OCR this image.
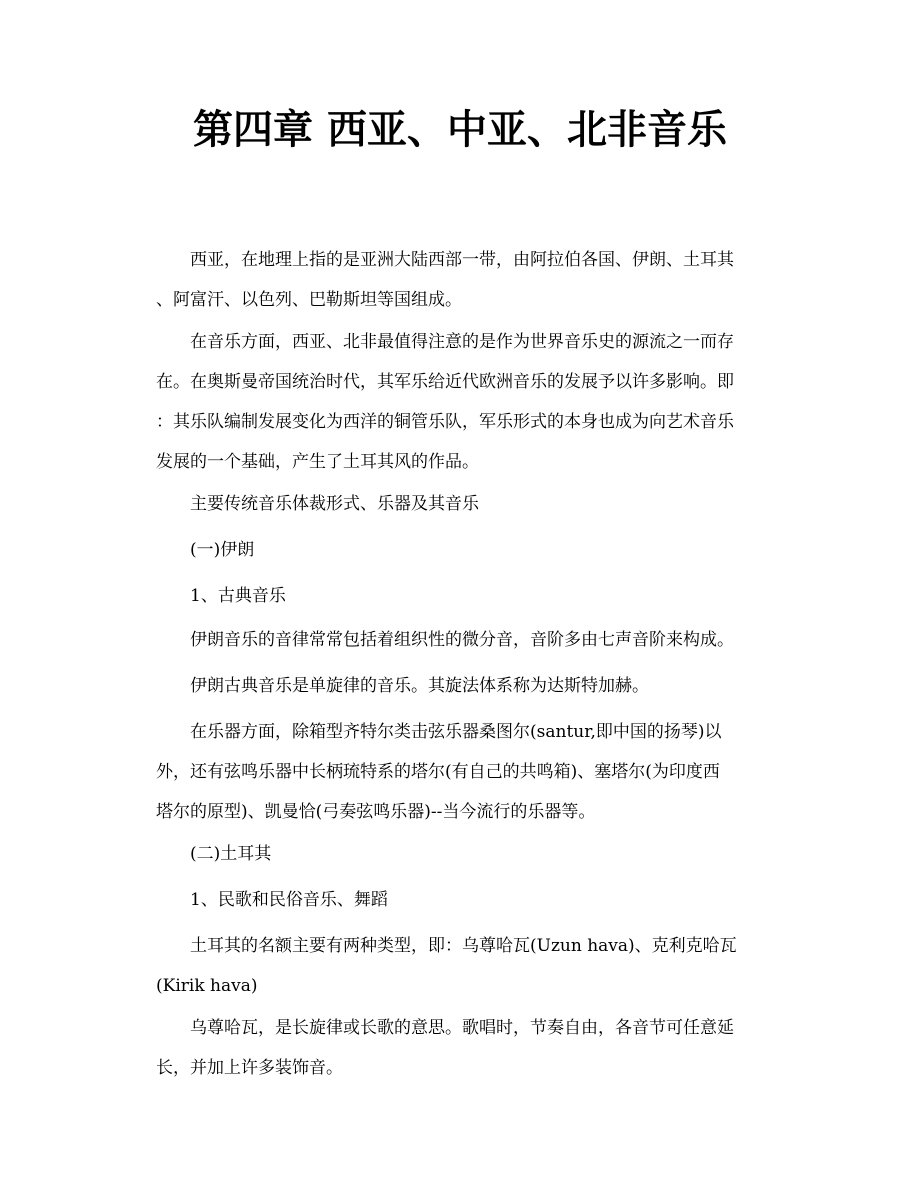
第四章 西亚、中亚、北非音乐

西亚，在地理上指的是亚洲大陆西部一带，由阿拉伯各国、伊朗、土耳其
、阿富汗、以色列、巴勒斯坦等国组成。

在音乐方面，西亚、北非最值得注意的是作为世界音乐史的源流之一而存
在。在奥斯曼帝国统治时代，其军乐给近代欧洲音乐的发展予以许多影响。即
：其乐队编制发展变化为西洋的铜管乐队，军乐形式的本身也成为向艺术音乐
发展的一个基础，产生了土耳其风的作品。

主要传统音乐体裁形式、乐器及其音乐

(一)伊朗

1、古典音乐

伊朗音乐的音律常常包括着组织性的微分音，音阶多由七声音阶来构成。

伊朗古典音乐是单旋律的音乐。其旋法体系称为达斯特加赫。

在乐器方面，除箱型齐特尔类击弦乐器桑图尔(santur,即中国的扬琴)以
外，还有弦鸣乐器中长柄琉特系的塔尔(有自己的共鸣箱)、塞塔尔(为印度西
塔尔的原型)、凯曼恰(弓奏弦鸣乐器)--当今流行的乐器等。

(二)土耳其

1、民歌和民俗音乐、舞蹈

土耳其的名额主要有两种类型，即：乌尊哈瓦(Uzun hava)、克利克哈瓦
(Kirik hava)

乌尊哈瓦，是长旋律或长歌的意思。歌唱时，节奏自由，各音节可任意延
长，并加上许多装饰音。
